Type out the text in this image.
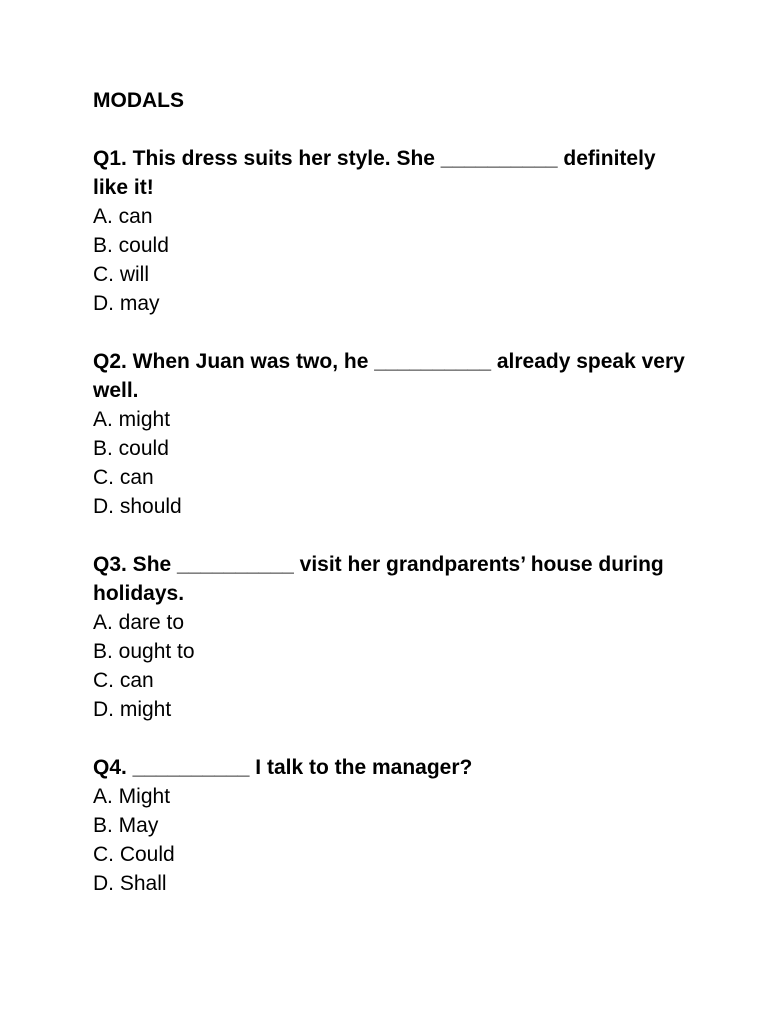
MODALS

Q1. This dress suits her style. She __________ definitely like it!

A. can
B. could
C. will
D. may

Q2. When Juan was two, he __________ already speak very well.

A. might
B. could
C. can
D. should

Q3. She __________ visit her grandparents’ house during holidays.

A. dare to
B. ought to
C. can
D. might

Q4. __________ I talk to the manager?

A. Might
B. May
C. Could
D. Shall
